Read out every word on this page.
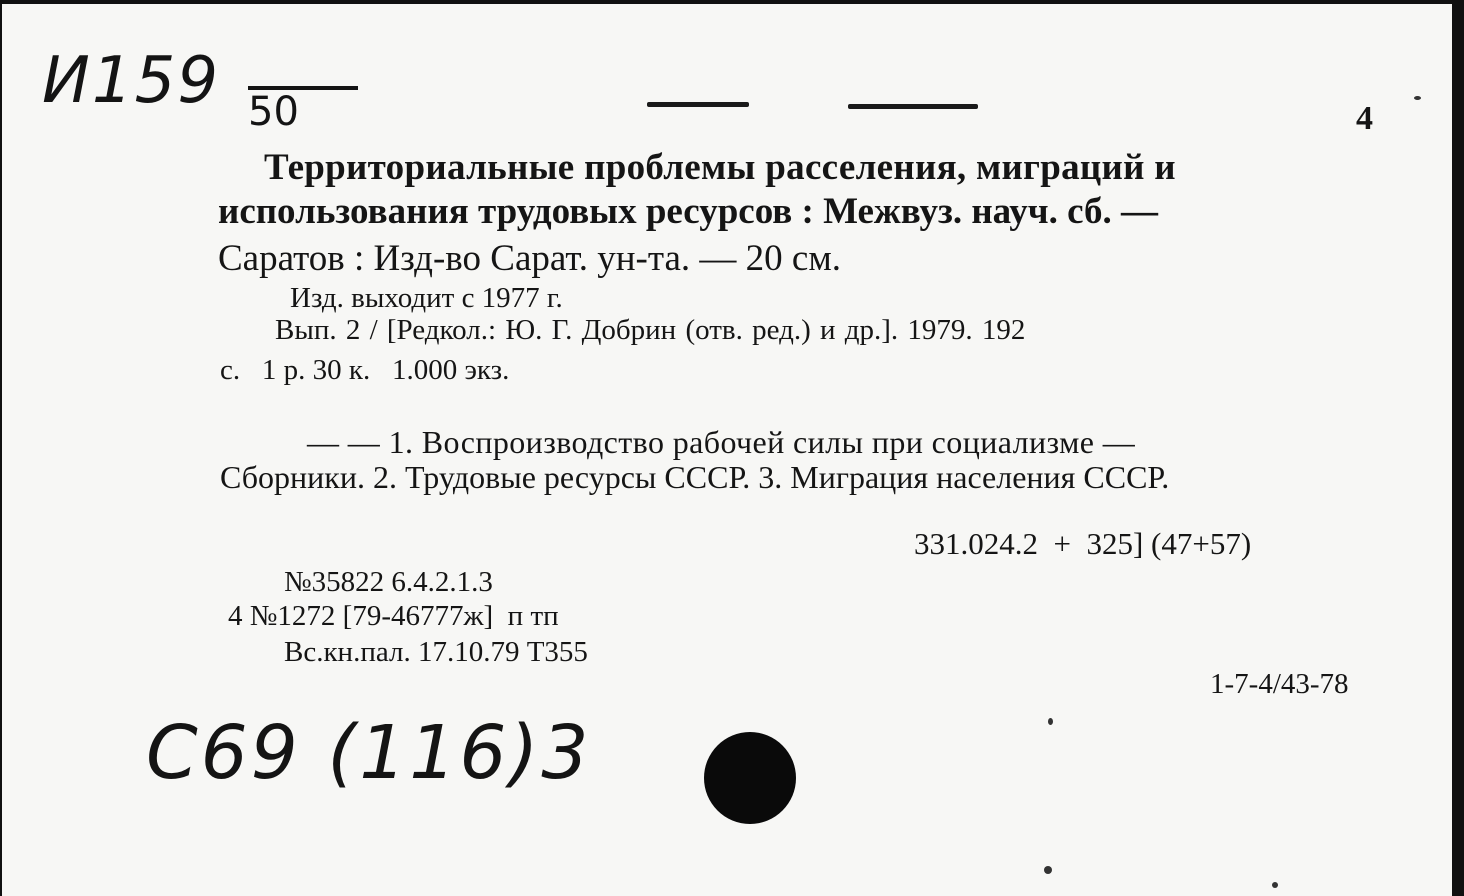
И159 50	4
Территориальные проблемы расселения, миграций и
использования трудовых ресурсов : Межвуз. науч. сб. —
Саратов : Изд-во Сарат. ун-та. — 20 см.
Изд. выходит с 1977 г.
Вып. 2 / [Редкол.: Ю. Г. Добрин (отв. ред.) и др.]. 1979. 192
с.   1 р. 30 к.   1.000 экз.
— — 1. Воспроизводство рабочей силы при социализме —
Сборники. 2. Трудовые ресурсы СССР. 3. Миграция населения СССР.
331.024.2  +  325] (47+57)
№35822 6.4.2.1.3
4 №1272 [79-46777ж]  п тп
Вс.кн.пал. 17.10.79 Т355
1-7-4/43-78
С69 (116)3
